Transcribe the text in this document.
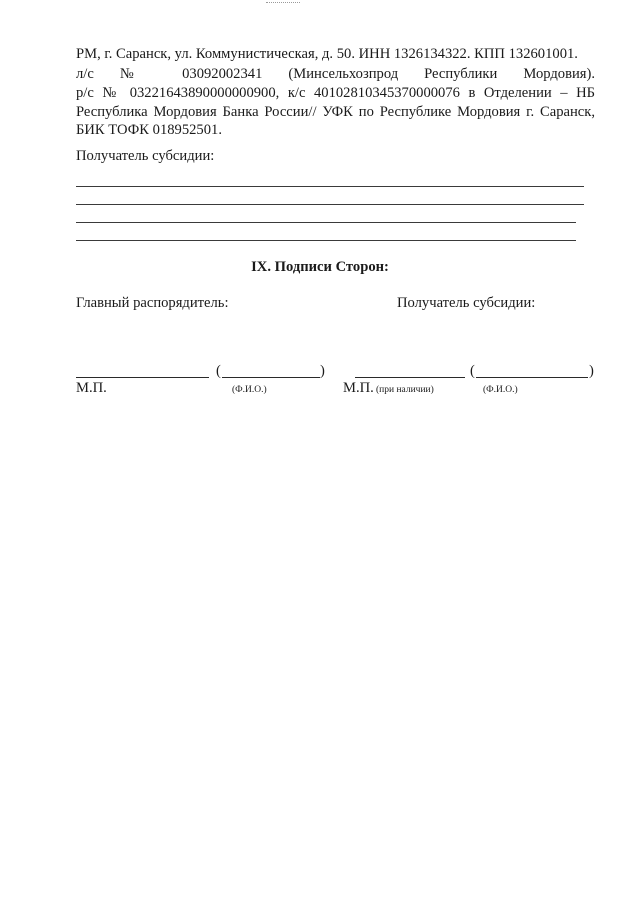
РМ, г. Саранск, ул. Коммунистическая, д. 50. ИНН 1326134322. КПП 132601001.
л/с № 03092002341 (Минсельхозпрод Республики Мордовия).
р/с № 03221643890000000900, к/с 40102810345370000076 в Отделении – НБ
Республика Мордовия Банка России// УФК по Республике Мордовия г. Саранск,
БИК ТОФК 018952501.
Получатель субсидии:
IX. Подписи Сторон:
Главный распорядитель:	Получатель субсидии:
(	)
М.П.	(Ф.И.О.)
(	)
М.П. (при наличии)	(Ф.И.О.)
